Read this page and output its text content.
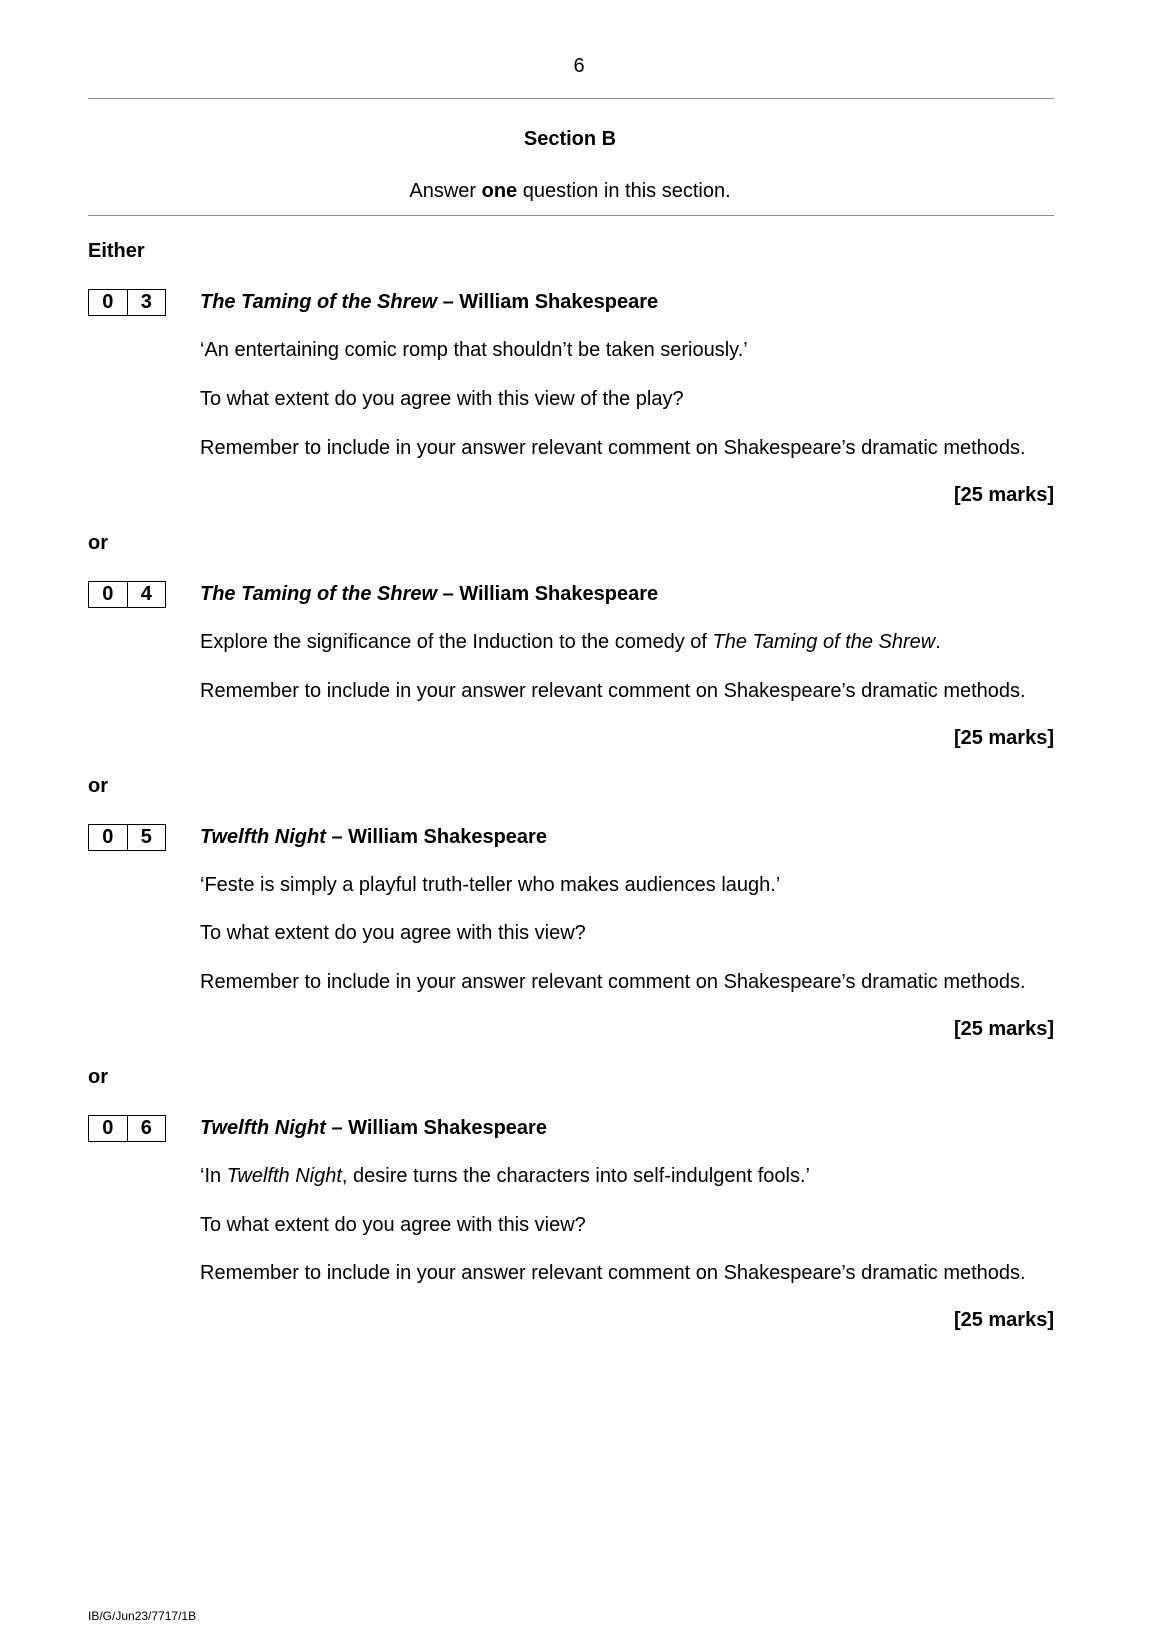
6
Section B
Answer one question in this section.
Either
0	3	The Taming of the Shrew – William Shakespeare
‘An entertaining comic romp that shouldn’t be taken seriously.’
To what extent do you agree with this view of the play?
Remember to include in your answer relevant comment on Shakespeare’s dramatic methods.
[25 marks]
or
0	4	The Taming of the Shrew – William Shakespeare
Explore the significance of the Induction to the comedy of The Taming of the Shrew.
Remember to include in your answer relevant comment on Shakespeare’s dramatic methods.
[25 marks]
or
0	5	Twelfth Night – William Shakespeare
‘Feste is simply a playful truth-teller who makes audiences laugh.’
To what extent do you agree with this view?
Remember to include in your answer relevant comment on Shakespeare’s dramatic methods.
[25 marks]
or
0	6	Twelfth Night – William Shakespeare
‘In Twelfth Night, desire turns the characters into self-indulgent fools.’
To what extent do you agree with this view?
Remember to include in your answer relevant comment on Shakespeare’s dramatic methods.
[25 marks]
IB/G/Jun23/7717/1B
